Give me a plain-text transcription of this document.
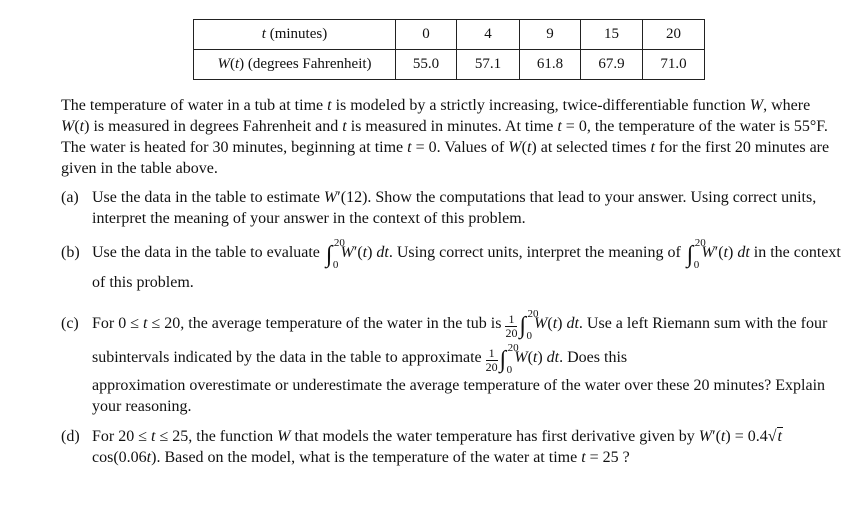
t (minutes)	0	4	9	15	20
W(t) (degrees Fahrenheit)	55.0	57.1	61.8	67.9	71.0

The temperature of water in a tub at time t is modeled by a strictly increasing, twice-differentiable function W, where W(t) is measured in degrees Fahrenheit and t is measured in minutes. At time t = 0, the temperature of the water is 55°F. The water is heated for 30 minutes, beginning at time t = 0. Values of W(t) at selected times t for the first 20 minutes are given in the table above.

(a) Use the data in the table to estimate W′(12). Show the computations that lead to your answer. Using correct units, interpret the meaning of your answer in the context of this problem.

(b) Use the data in the table to evaluate ∫ 20
0
W′(t) dt. Using correct units, interpret the meaning of ∫ 20
0
W′(t) dt in the context of this problem.

(c) For 0 ≤ t ≤ 20, the average temperature of the water in the tub is $\frac{1}{20}$ ∫ 20
0
W(t) dt. Use a left Riemann sum with the four subintervals indicated by the data in the table to approximate $\frac{1}{20}$ ∫ 20
0
W(t) dt. Does this
approximation overestimate or underestimate the average temperature of the water over these 20 minutes? Explain your reasoning.

(d) For 20 ≤ t ≤ 25, the function W that models the water temperature has first derivative given by W′(t) = 0.4√t cos(0.06t). Based on the model, what is the temperature of the water at time t = 25 ?
